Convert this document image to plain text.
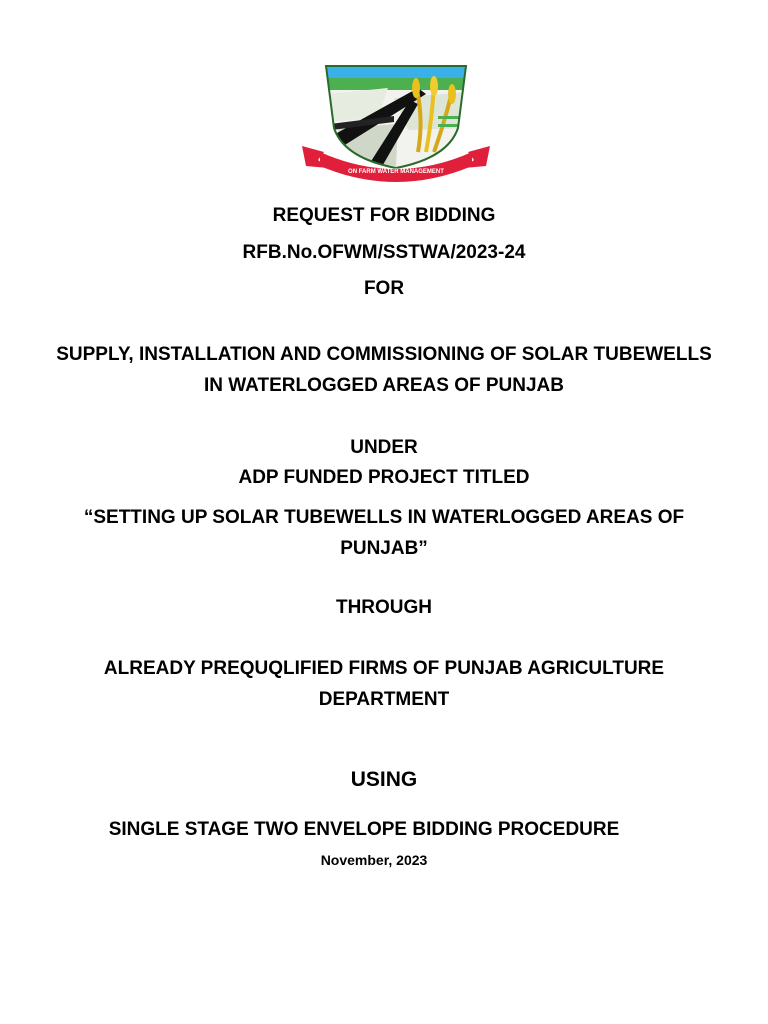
ON FARM WATER MANAGEMENT
REQUEST FOR BIDDING
RFB.No.OFWM/SSTWA/2023-24
FOR
SUPPLY, INSTALLATION AND COMMISSIONING OF SOLAR TUBEWELLS
IN WATERLOGGED AREAS OF PUNJAB
UNDER
ADP FUNDED PROJECT TITLED
“SETTING UP SOLAR TUBEWELLS IN WATERLOGGED AREAS OF
PUNJAB”
THROUGH
ALREADY PREQUQLIFIED FIRMS OF PUNJAB AGRICULTURE
DEPARTMENT
USING
SINGLE STAGE TWO ENVELOPE BIDDING PROCEDURE
November, 2023
